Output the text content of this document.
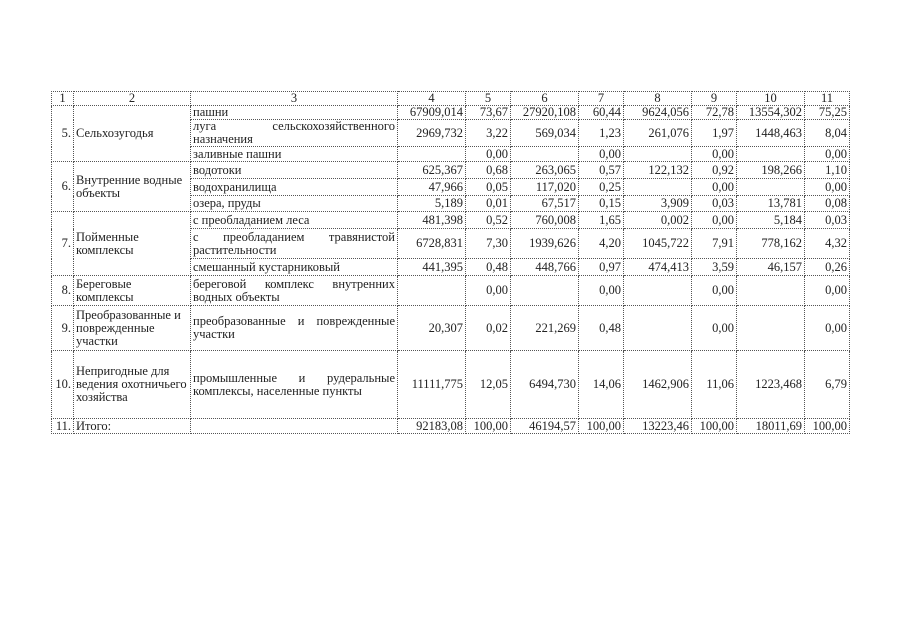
1	2	3	4	5	6	7	8	9	10	11
5.	Сельхозугодья	пашни	67909,014	73,67	27920,108	60,44	9624,056	72,78	13554,302	75,25
		луга сельскохозяйственного назначения	2969,732	3,22	569,034	1,23	261,076	1,97	1448,463	8,04
		заливные пашни		0,00		0,00		0,00		0,00
6.	Внутренние водные объекты	водотоки	625,367	0,68	263,065	0,57	122,132	0,92	198,266	1,10
		водохранилища	47,966	0,05	117,020	0,25		0,00		0,00
		озера, пруды	5,189	0,01	67,517	0,15	3,909	0,03	13,781	0,08
7.	Пойменные комплексы	с преобладанием леса	481,398	0,52	760,008	1,65	0,002	0,00	5,184	0,03
		с преобладанием травянистой растительности	6728,831	7,30	1939,626	4,20	1045,722	7,91	778,162	4,32
		смешанный кустарниковый	441,395	0,48	448,766	0,97	474,413	3,59	46,157	0,26
8.	Береговые комплексы	береговой комплекс внутренних водных объекты		0,00		0,00		0,00		0,00
9.	Преобразованные и поврежденные участки	преобразованные и поврежденные участки	20,307	0,02	221,269	0,48		0,00		0,00
10.	Непригодные для ведения охотничьего хозяйства	промышленные и рудеральные комплексы, населенные пункты	11111,775	12,05	6494,730	14,06	1462,906	11,06	1223,468	6,79
11.	Итого:		92183,08	100,00	46194,57	100,00	13223,46	100,00	18011,69	100,00
